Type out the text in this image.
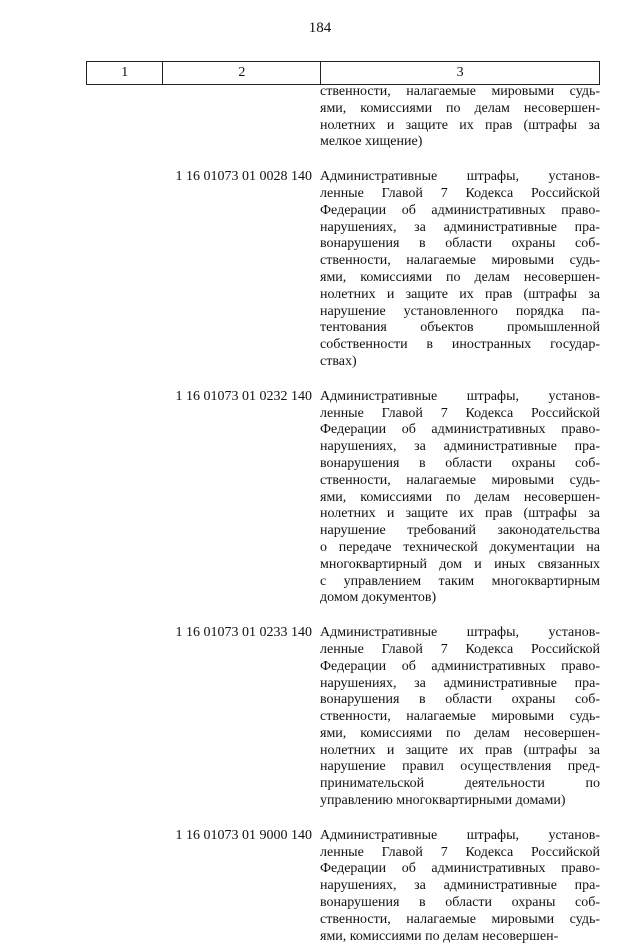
184
1	2	3
ственности, налагаемые мировыми судь-
ями, комиссиями по делам несовершен-
нолетних и защите их прав (штрафы за
мелкое хищение)
1 16 01073 01 0028 140 Административные штрафы, установ-
ленные Главой 7 Кодекса Российской
Федерации об административных право-
нарушениях, за административные пра-
вонарушения в области охраны соб-
ственности, налагаемые мировыми судь-
ями, комиссиями по делам несовершен-
нолетних и защите их прав (штрафы за
нарушение установленного порядка па-
тентования объектов промышленной
собственности в иностранных государ-
ствах)
1 16 01073 01 0232 140 Административные штрафы, установ-
ленные Главой 7 Кодекса Российской
Федерации об административных право-
нарушениях, за административные пра-
вонарушения в области охраны соб-
ственности, налагаемые мировыми судь-
ями, комиссиями по делам несовершен-
нолетних и защите их прав (штрафы за
нарушение требований законодательства
о передаче технической документации на
многоквартирный дом и иных связанных
с управлением таким многоквартирным
домом документов)
1 16 01073 01 0233 140 Административные штрафы, установ-
ленные Главой 7 Кодекса Российской
Федерации об административных право-
нарушениях, за административные пра-
вонарушения в области охраны соб-
ственности, налагаемые мировыми судь-
ями, комиссиями по делам несовершен-
нолетних и защите их прав (штрафы за
нарушение правил осуществления пред-
принимательской деятельности по
управлению многоквартирными домами)
1 16 01073 01 9000 140 Административные штрафы, установ-
ленные Главой 7 Кодекса Российской
Федерации об административных право-
нарушениях, за административные пра-
вонарушения в области охраны соб-
ственности, налагаемые мировыми судь-
ями, комиссиями по делам несовершен-
